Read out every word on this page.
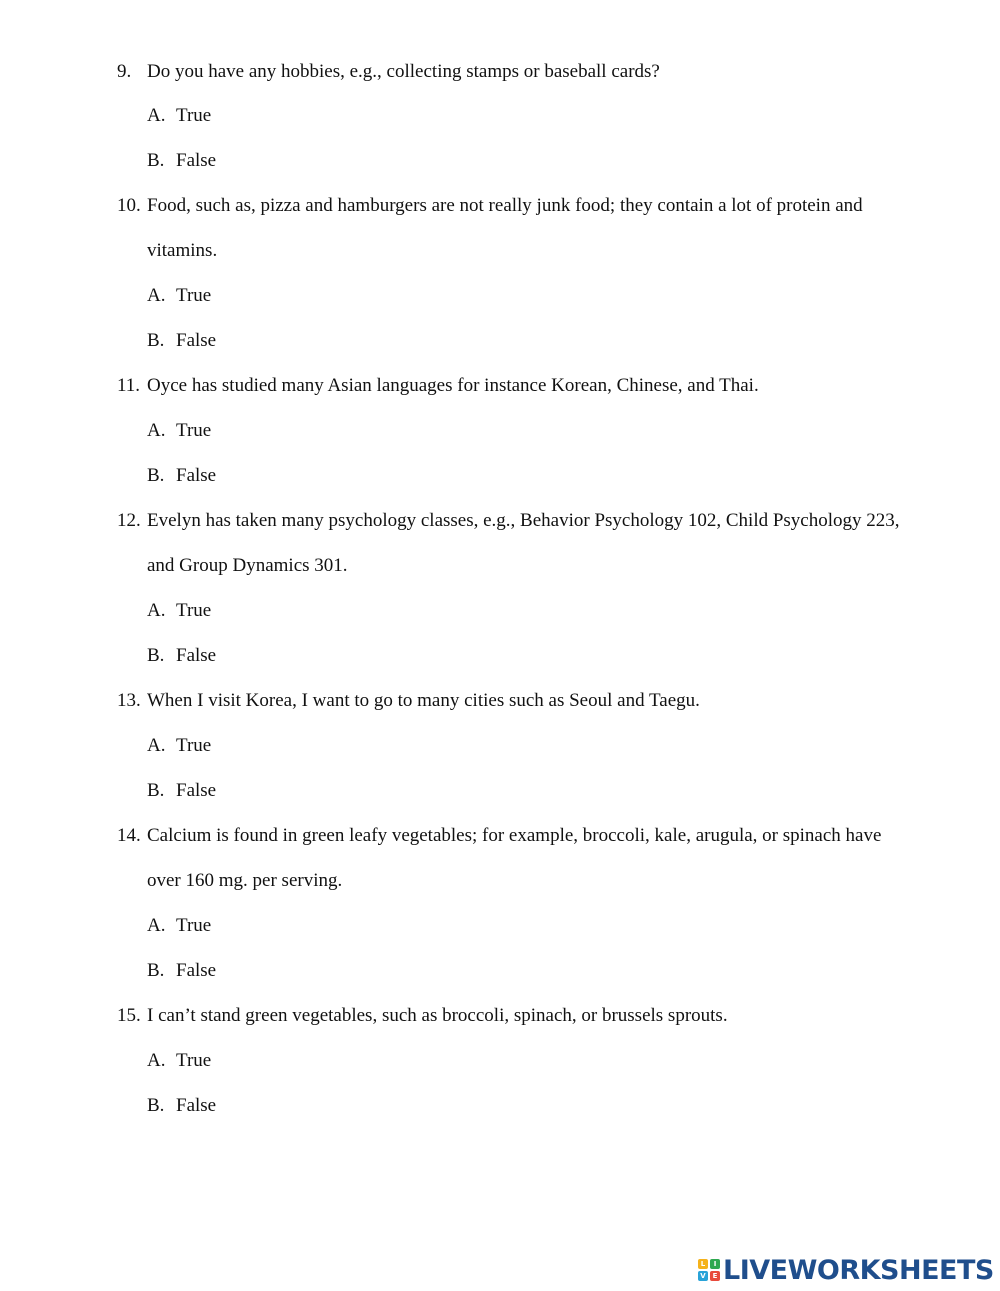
9. Do you have any hobbies, e.g., collecting stamps or baseball cards?
A. True
B. False
10. Food, such as, pizza and hamburgers are not really junk food; they contain a lot of protein and
vitamins.
A. True
B. False
11. Oyce has studied many Asian languages for instance Korean, Chinese, and Thai.
A. True
B. False
12. Evelyn has taken many psychology classes, e.g., Behavior Psychology 102, Child Psychology 223,
and Group Dynamics 301.
A. True
B. False
13. When I visit Korea, I want to go to many cities such as Seoul and Taegu.
A. True
B. False
14. Calcium is found in green leafy vegetables; for example, broccoli, kale, arugula, or spinach have
over 160 mg. per serving.
A. True
B. False
15. I can’t stand green vegetables, such as broccoli, spinach, or brussels sprouts.
A. True
B. False
L	I
V E LIVEWORKSHEETS
